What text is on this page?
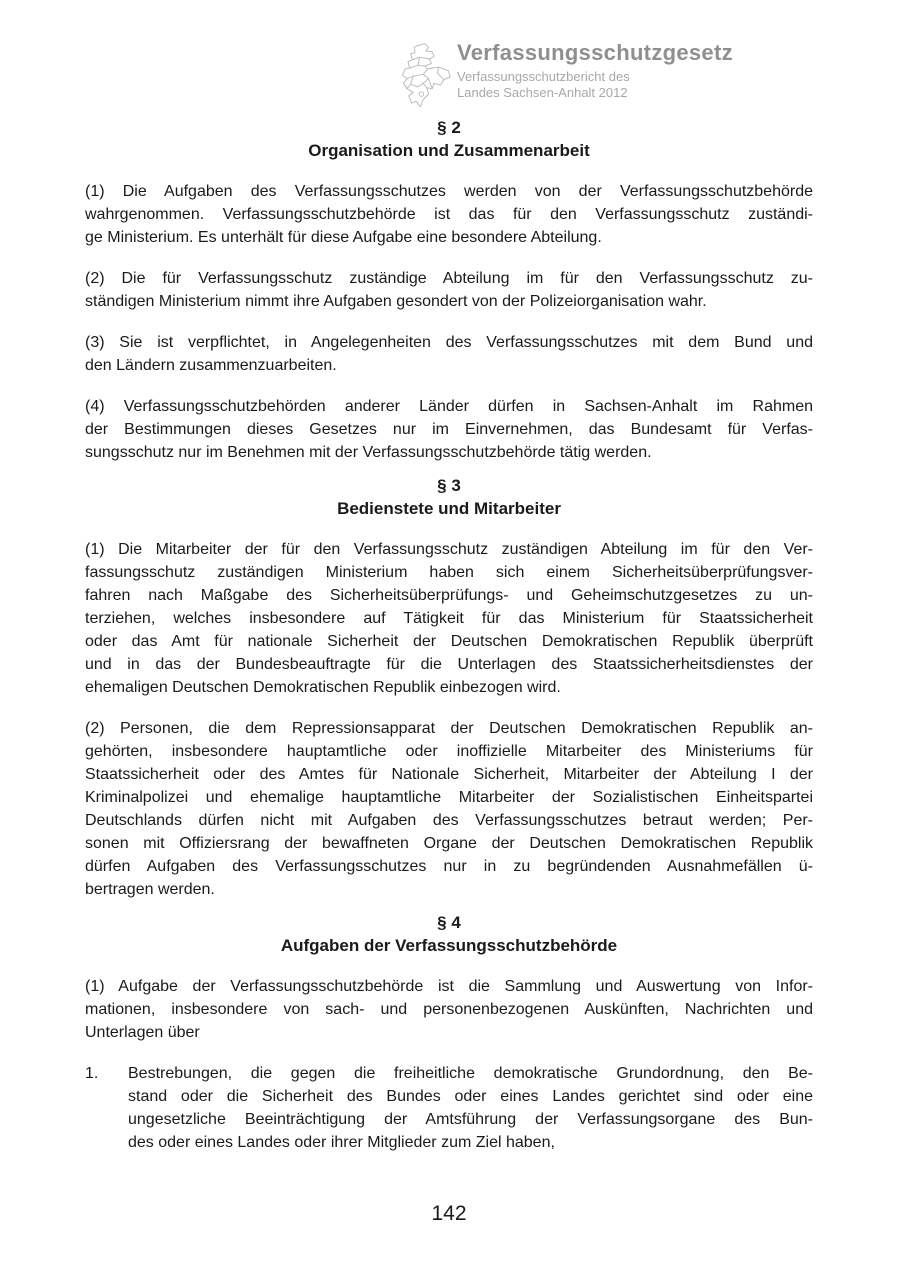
Verfassungsschutzgesetz
Verfassungsschutzbericht des
Landes Sachsen-Anhalt 2012
§ 2
Organisation und Zusammenarbeit
(1) Die Aufgaben des Verfassungsschutzes werden von der Verfassungsschutzbehörde
wahrgenommen. Verfassungsschutzbehörde ist das für den Verfassungsschutz zuständi-
ge Ministerium. Es unterhält für diese Aufgabe eine besondere Abteilung.
(2) Die für Verfassungsschutz zuständige Abteilung im für den Verfassungsschutz zu-
ständigen Ministerium nimmt ihre Aufgaben gesondert von der Polizeiorganisation wahr.
(3) Sie ist verpflichtet, in Angelegenheiten des Verfassungsschutzes mit dem Bund und
den Ländern zusammenzuarbeiten.
(4) Verfassungsschutzbehörden anderer Länder dürfen in Sachsen-Anhalt im Rahmen
der Bestimmungen dieses Gesetzes nur im Einvernehmen, das Bundesamt für Verfas-
sungsschutz nur im Benehmen mit der Verfassungsschutzbehörde tätig werden.
§ 3
Bedienstete und Mitarbeiter
(1) Die Mitarbeiter der für den Verfassungsschutz zuständigen Abteilung im für den Ver-
fassungsschutz zuständigen Ministerium haben sich einem Sicherheitsüberprüfungsver-
fahren nach Maßgabe des Sicherheitsüberprüfungs- und Geheimschutzgesetzes zu un-
terziehen, welches insbesondere auf Tätigkeit für das Ministerium für Staatssicherheit
oder das Amt für nationale Sicherheit der Deutschen Demokratischen Republik überprüft
und in das der Bundesbeauftragte für die Unterlagen des Staatssicherheitsdienstes der
ehemaligen Deutschen Demokratischen Republik einbezogen wird.
(2) Personen, die dem Repressionsapparat der Deutschen Demokratischen Republik an-
gehörten, insbesondere hauptamtliche oder inoffizielle Mitarbeiter des Ministeriums für
Staatssicherheit oder des Amtes für Nationale Sicherheit, Mitarbeiter der Abteilung I der
Kriminalpolizei und ehemalige hauptamtliche Mitarbeiter der Sozialistischen Einheitspartei
Deutschlands dürfen nicht mit Aufgaben des Verfassungsschutzes betraut werden; Per-
sonen mit Offiziersrang der bewaffneten Organe der Deutschen Demokratischen Republik
dürfen Aufgaben des Verfassungsschutzes nur in zu begründenden Ausnahmefällen ü-
bertragen werden.
§ 4
Aufgaben der Verfassungsschutzbehörde
(1) Aufgabe der Verfassungsschutzbehörde ist die Sammlung und Auswertung von Infor-
mationen, insbesondere von sach- und personenbezogenen Auskünften, Nachrichten und
Unterlagen über
1.	Bestrebungen, die gegen die freiheitliche demokratische Grundordnung, den Be-
stand oder die Sicherheit des Bundes oder eines Landes gerichtet sind oder eine
ungesetzliche Beeinträchtigung der Amtsführung der Verfassungsorgane des Bun-
des oder eines Landes oder ihrer Mitglieder zum Ziel haben,
142
